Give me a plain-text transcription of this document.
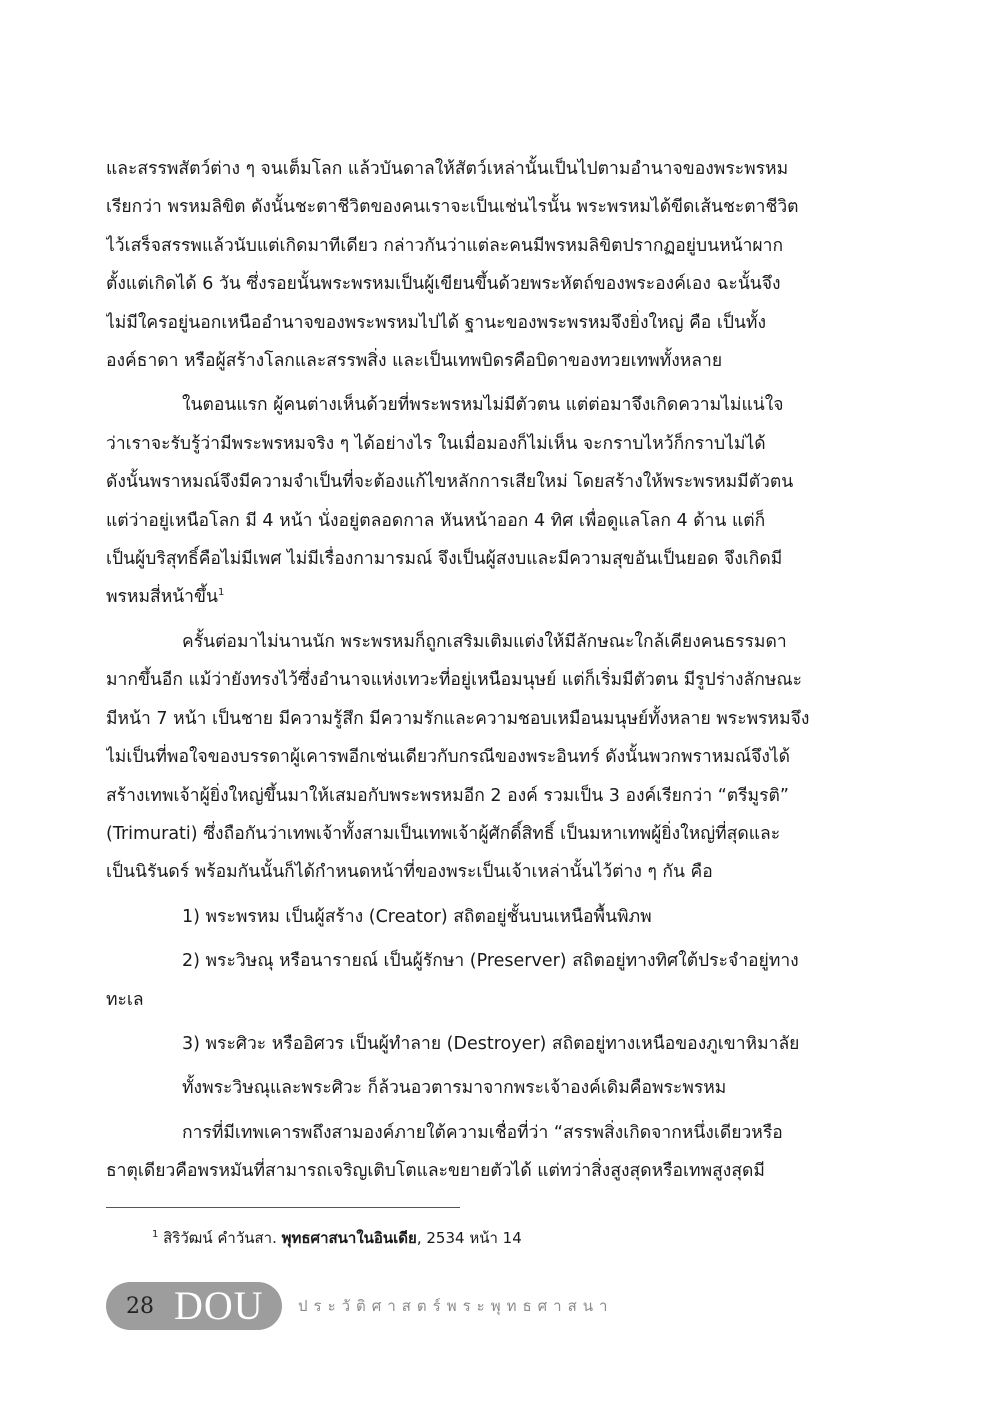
และสรรพสัตว์ต่าง ๆ จนเต็มโลก แล้วบันดาลให้สัตว์เหล่านั้นเป็นไปตามอำนาจของพระพรหม
เรียกว่า พรหมลิขิต ดังนั้นชะตาชีวิตของคนเราจะเป็นเช่นไรนั้น พระพรหมได้ขีดเส้นชะตาชีวิต
ไว้เสร็จสรรพแล้วนับแต่เกิดมาทีเดียว กล่าวกันว่าแต่ละคนมีพรหมลิขิตปรากฏอยู่บนหน้าผาก
ตั้งแต่เกิดได้ 6 วัน ซึ่งรอยนั้นพระพรหมเป็นผู้เขียนขึ้นด้วยพระหัตถ์ของพระองค์เอง ฉะนั้นจึง
ไม่มีใครอยู่นอกเหนืออำนาจของพระพรหมไปได้ ฐานะของพระพรหมจึงยิ่งใหญ่ คือ เป็นทั้ง
องค์ธาดา หรือผู้สร้างโลกและสรรพสิ่ง และเป็นเทพบิดรคือบิดาของทวยเทพทั้งหลาย
ในตอนแรก ผู้คนต่างเห็นด้วยที่พระพรหมไม่มีตัวตน แต่ต่อมาจึงเกิดความไม่แน่ใจ
ว่าเราจะรับรู้ว่ามีพระพรหมจริง ๆ ได้อย่างไร ในเมื่อมองก็ไม่เห็น จะกราบไหว้ก็กราบไม่ได้
ดังนั้นพราหมณ์จึงมีความจำเป็นที่จะต้องแก้ไขหลักการเสียใหม่ โดยสร้างให้พระพรหมมีตัวตน
แต่ว่าอยู่เหนือโลก มี 4 หน้า นั่งอยู่ตลอดกาล หันหน้าออก 4 ทิศ เพื่อดูแลโลก 4 ด้าน แต่ก็
เป็นผู้บริสุทธิ์คือไม่มีเพศ ไม่มีเรื่องกามารมณ์ จึงเป็นผู้สงบและมีความสุขอันเป็นยอด จึงเกิดมี
พรหมสี่หน้าขึ้น$^1$
ครั้นต่อมาไม่นานนัก พระพรหมก็ถูกเสริมเติมแต่งให้มีลักษณะใกล้เคียงคนธรรมดา
มากขึ้นอีก แม้ว่ายังทรงไว้ซึ่งอำนาจแห่งเทวะที่อยู่เหนือมนุษย์ แต่ก็เริ่มมีตัวตน มีรูปร่างลักษณะ
มีหน้า 7 หน้า เป็นชาย มีความรู้สึก มีความรักและความชอบเหมือนมนุษย์ทั้งหลาย พระพรหมจึง
ไม่เป็นที่พอใจของบรรดาผู้เคารพอีกเช่นเดียวกับกรณีของพระอินทร์ ดังนั้นพวกพราหมณ์จึงได้
สร้างเทพเจ้าผู้ยิ่งใหญ่ขึ้นมาให้เสมอกับพระพรหมอีก 2 องค์ รวมเป็น 3 องค์เรียกว่า “ตรีมูรติ”
(Trimurati) ซึ่งถือกันว่าเทพเจ้าทั้งสามเป็นเทพเจ้าผู้ศักดิ์สิทธิ์ เป็นมหาเทพผู้ยิ่งใหญ่ที่สุดและ
เป็นนิรันดร์ พร้อมกันนั้นก็ได้กำหนดหน้าที่ของพระเป็นเจ้าเหล่านั้นไว้ต่าง ๆ กัน คือ
1) พระพรหม เป็นผู้สร้าง (Creator) สถิตอยู่ชั้นบนเหนือพื้นพิภพ
2) พระวิษณุ หรือนารายณ์ เป็นผู้รักษา (Preserver) สถิตอยู่ทางทิศใต้ประจำอยู่ทาง
ทะเล
3) พระศิวะ หรืออิศวร เป็นผู้ทำลาย (Destroyer) สถิตอยู่ทางเหนือของภูเขาหิมาลัย
ทั้งพระวิษณุและพระศิวะ ก็ล้วนอวตารมาจากพระเจ้าองค์เดิมคือพระพรหม
การที่มีเทพเคารพถึงสามองค์ภายใต้ความเชื่อที่ว่า “สรรพสิ่งเกิดจากหนึ่งเดียวหรือ
ธาตุเดียวคือพรหมันที่สามารถเจริญเติบโตและขยายตัวได้ แต่ทว่าสิ่งสูงสุดหรือเทพสูงสุดมี
$^1$ สิริวัฒน์ คำวันสา. พุทธศาสนาในอินเดีย, 2534 หน้า 14
28 DOU ประวัติศาสตร์พระพุทธศาสนา
